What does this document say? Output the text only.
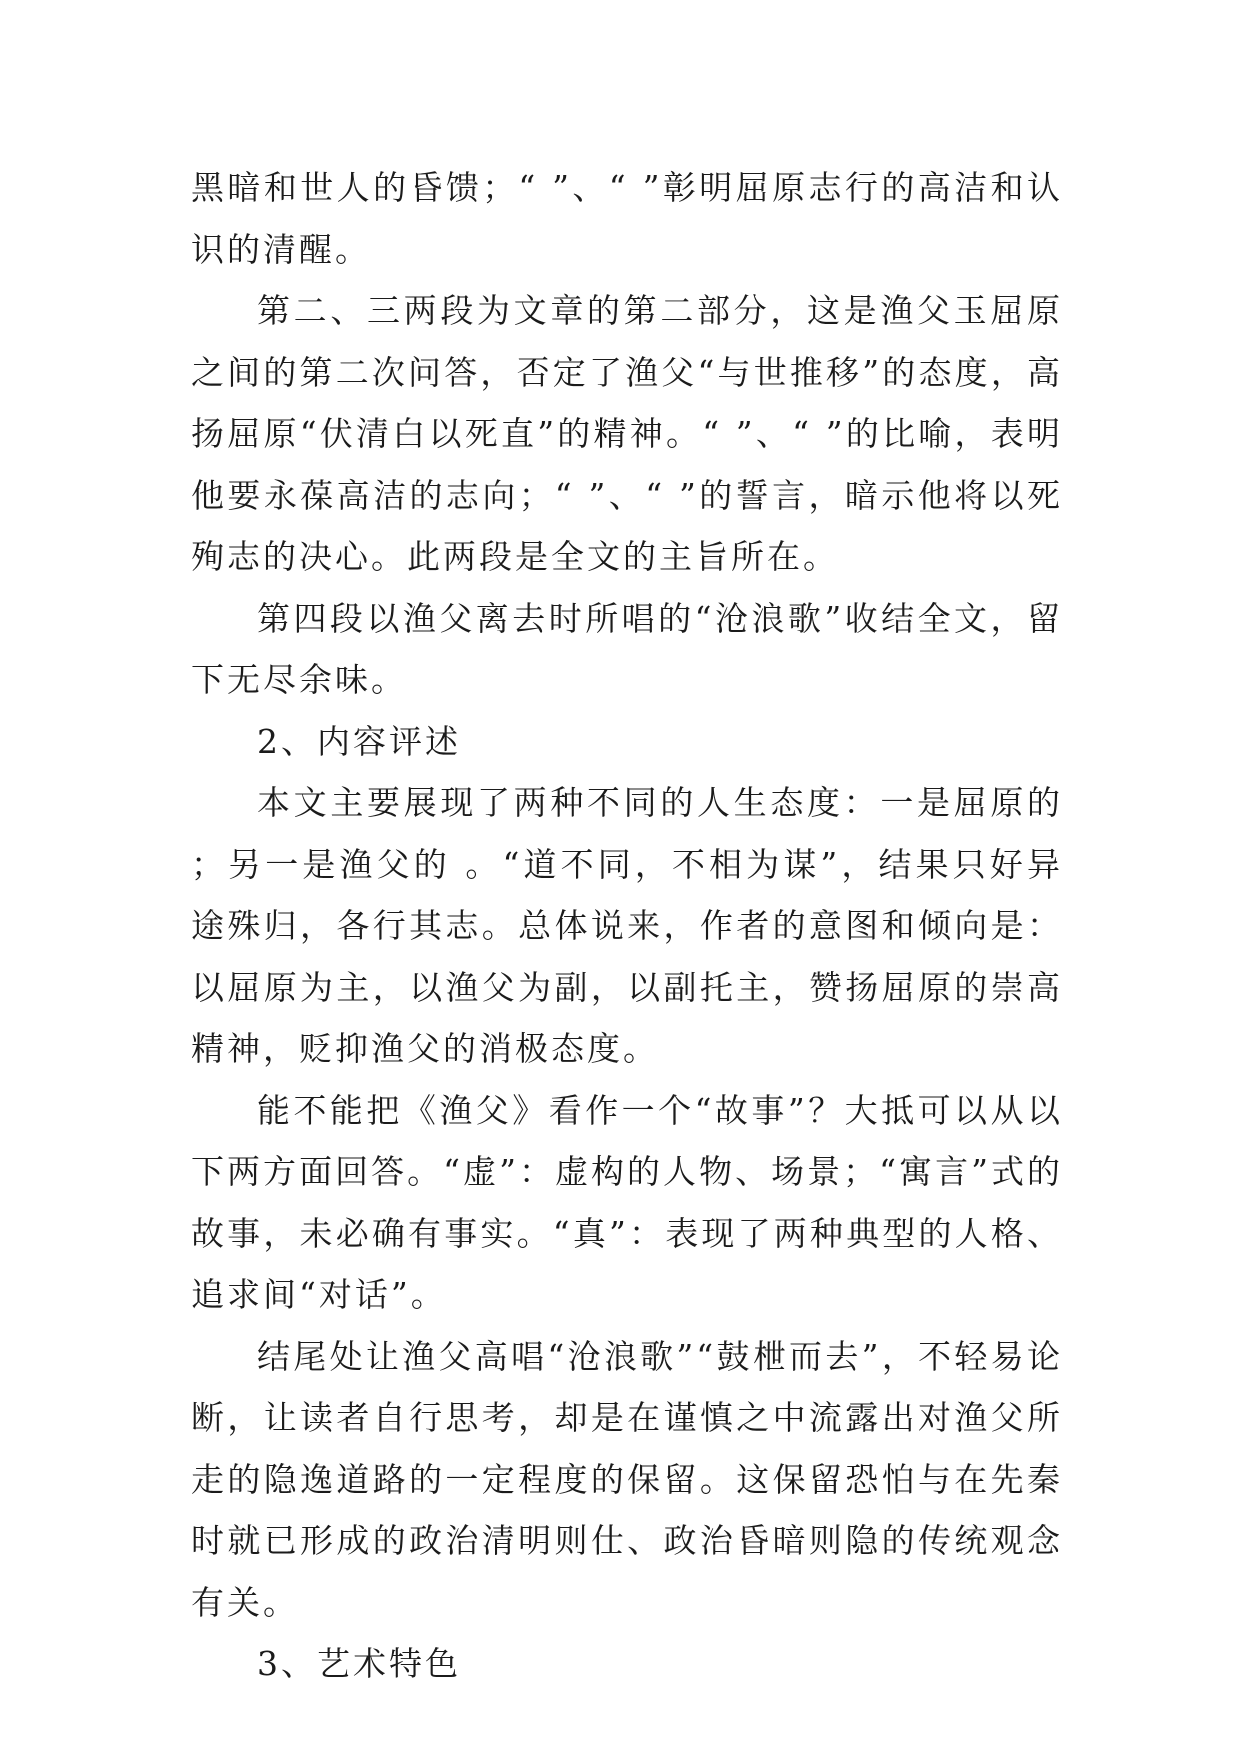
黑暗和世人的昏馈；“ ”、“ ”彰明屈原志行的高洁和认识的清醒。

第二、三两段为文章的第二部分，这是渔父玉屈原之间的第二次问答，否定了渔父“与世推移”的态度，高扬屈原“伏清白以死直”的精神。“ ”、“ ”的比喻，表明他要永葆高洁的志向；“ ”、“ ”的誓言，暗示他将以死殉志的决心。此两段是全文的主旨所在。

第四段以渔父离去时所唱的“沧浪歌”收结全文，留下无尽余味。

2、内容评述

本文主要展现了两种不同的人生态度：一是屈原的 ；另一是渔父的 。“道不同，不相为谋”，结果只好异途殊归，各行其志。总体说来，作者的意图和倾向是：以屈原为主，以渔父为副，以副托主，赞扬屈原的崇高精神，贬抑渔父的消极态度。

能不能把《渔父》看作一个“故事”？大抵可以从以下两方面回答。“虚”：虚构的人物、场景；“寓言”式的故事，未必确有事实。“真”：表现了两种典型的人格、追求间“对话”。

结尾处让渔父高唱“沧浪歌”“鼓枻而去”，不轻易论断，让读者自行思考，却是在谨慎之中流露出对渔父所走的隐逸道路的一定程度的保留。这保留恐怕与在先秦时就已形成的政治清明则仕、政治昏暗则隐的传统观念有关。

3、艺术特色
